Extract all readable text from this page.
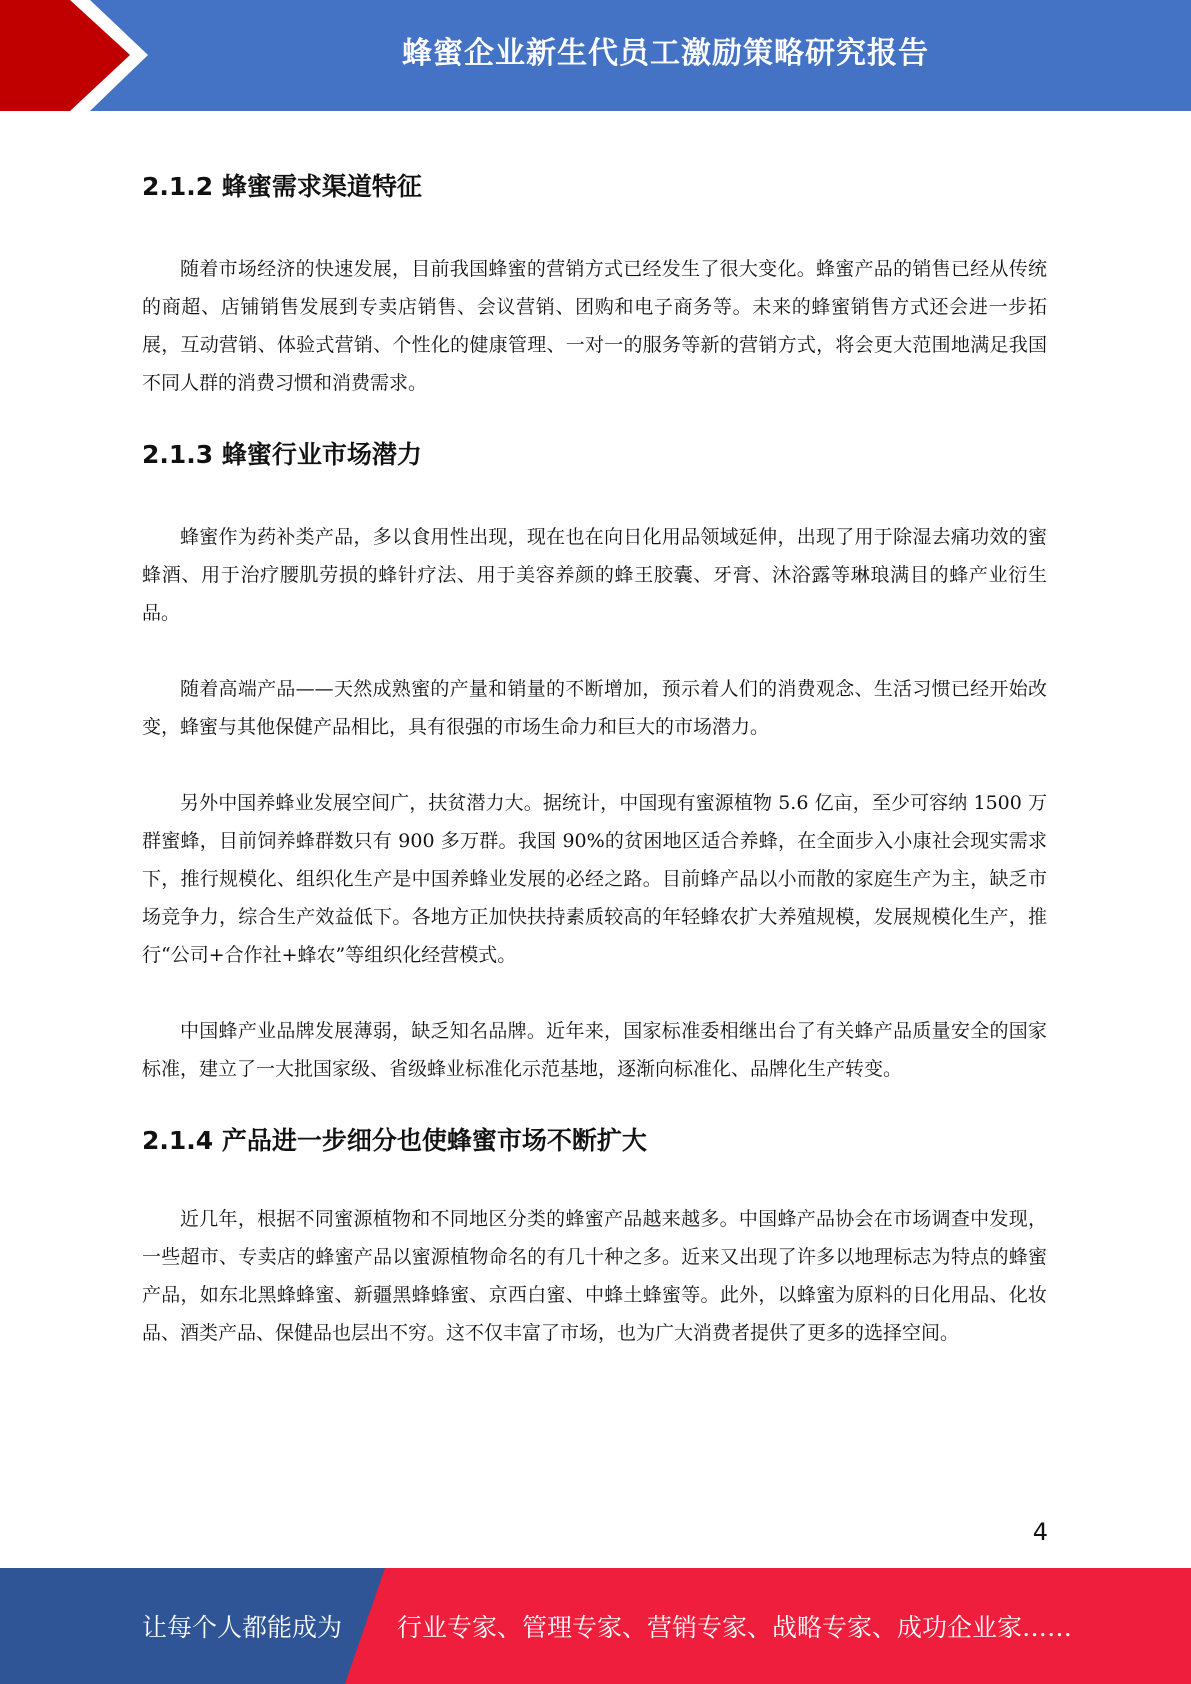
蜂蜜企业新生代员工激励策略研究报告
2.1.2 蜂蜜需求渠道特征

随着市场经济的快速发展，目前我国蜂蜜的营销方式已经发生了很大变化。蜂蜜产品的销售已经从传统的商超、店铺销售发展到专卖店销售、会议营销、团购和电子商务等。未来的蜂蜜销售方式还会进一步拓展，互动营销、体验式营销、个性化的健康管理、一对一的服务等新的营销方式，将会更大范围地满足我国不同人群的消费习惯和消费需求。

2.1.3 蜂蜜行业市场潜力

蜂蜜作为药补类产品，多以食用性出现，现在也在向日化用品领域延伸，出现了用于除湿去痛功效的蜜蜂酒、用于治疗腰肌劳损的蜂针疗法、用于美容养颜的蜂王胶囊、牙膏、沐浴露等琳琅满目的蜂产业衍生品。

随着高端产品——天然成熟蜜的产量和销量的不断增加，预示着人们的消费观念、生活习惯已经开始改变，蜂蜜与其他保健产品相比，具有很强的市场生命力和巨大的市场潜力。

另外中国养蜂业发展空间广，扶贫潜力大。据统计，中国现有蜜源植物 5.6 亿亩，至少可容纳 1500 万群蜜蜂，目前饲养蜂群数只有 900 多万群。我国 90%的贫困地区适合养蜂，在全面步入小康社会现实需求下，推行规模化、组织化生产是中国养蜂业发展的必经之路。目前蜂产品以小而散的家庭生产为主，缺乏市场竞争力，综合生产效益低下。各地方正加快扶持素质较高的年轻蜂农扩大养殖规模，发展规模化生产，推行“公司+合作社+蜂农”等组织化经营模式。

中国蜂产业品牌发展薄弱，缺乏知名品牌。近年来，国家标准委相继出台了有关蜂产品质量安全的国家标准，建立了一大批国家级、省级蜂业标准化示范基地，逐渐向标准化、品牌化生产转变。

2.1.4 产品进一步细分也使蜂蜜市场不断扩大

近几年，根据不同蜜源植物和不同地区分类的蜂蜜产品越来越多。中国蜂产品协会在市场调查中发现，一些超市、专卖店的蜂蜜产品以蜜源植物命名的有几十种之多。近来又出现了许多以地理标志为特点的蜂蜜产品，如东北黑蜂蜂蜜、新疆黑蜂蜂蜜、京西白蜜、中蜂土蜂蜜等。此外，以蜂蜜为原料的日化用品、化妆品、酒类产品、保健品也层出不穷。这不仅丰富了市场，也为广大消费者提供了更多的选择空间。

4
让每个人都能成为 行业专家、管理专家、营销专家、战略专家、成功企业家……
